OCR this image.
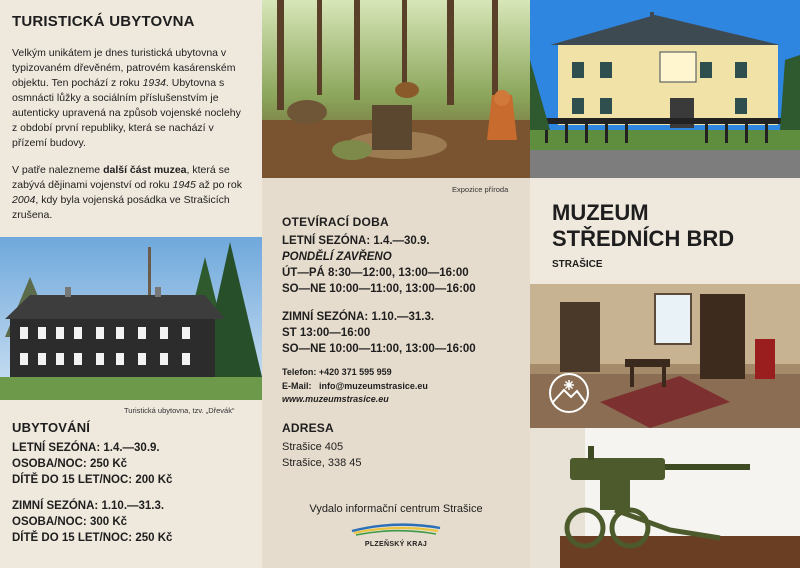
TURISTICKÁ UBYTOVNA

Velkým unikátem je dnes turistická ubytovna v typizovaném dřevěném, patrovém kasárenském objektu. Ten pochází z roku 1934. Ubytovna s osmnácti lůžky a sociálním příslušenstvím je autenticky upravená na způsob vojenské noclehy z období první republiky, která se nachází v přízemí budovy.

V patře nalezneme další část muzea, která se zabývá dějinami vojenství od roku 1945 až po rok 2004, kdy byla vojenská posádka ve Strašicích zrušena.

Turistická ubytovna, tzv. „Dřevák“
UBYTOVÁNÍ
LETNÍ SEZÓNA: 1.4.—30.9.
OSOBA/NOC: 250 Kč
DÍTĚ DO 15 LET/NOC: 200 Kč
ZIMNÍ SEZÓNA: 1.10.—31.3.
OSOBA/NOC: 300 Kč
DÍTĚ DO 15 LET/NOC: 250 Kč
Expozice příroda
OTEVÍRACÍ DOBA
LETNÍ SEZÓNA: 1.4.—30.9.
PONDĚLÍ ZAVŘENO
ÚT—PÁ 8:30—12:00, 13:00—16:00
SO—NE 10:00—11:00, 13:00—16:00
ZIMNÍ SEZÓNA: 1.10.—31.3.
ST 13:00—16:00
SO—NE 10:00—11:00, 13:00—16:00
Telefon: +420 371 595 959
E-Mail: info@muzeumstrasice.eu
www.muzeumstrasice.eu
ADRESA
Strašice 405
Strašice, 338 45
Vydalo informační centrum Strašice
PLZEŇSKÝ KRAJ
MUZEUM
STŘEDNÍCH BRD
STRAŠICE
